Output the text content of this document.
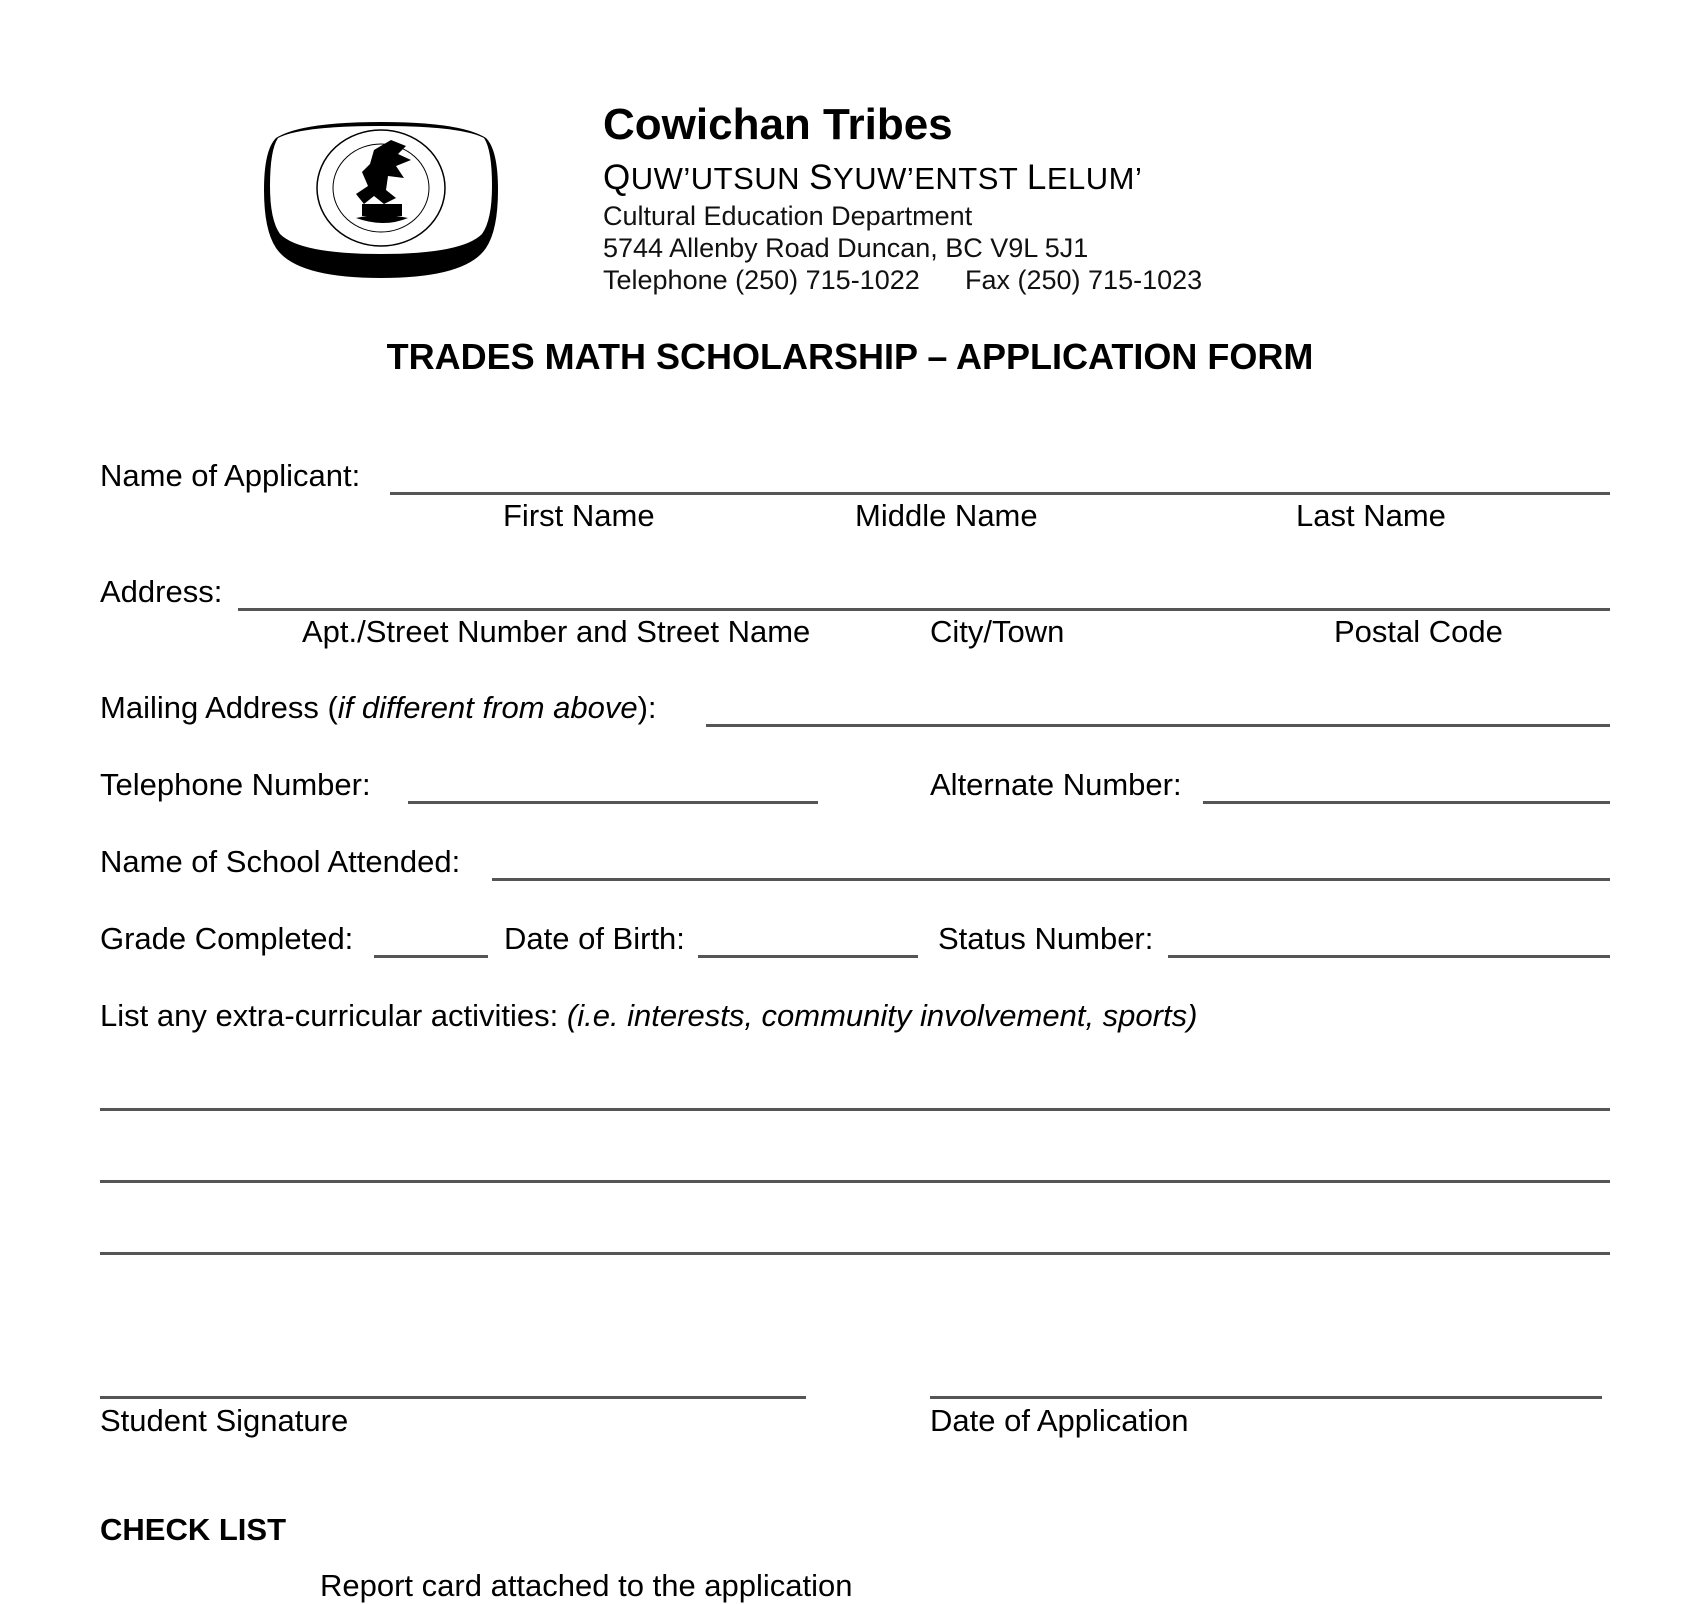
Cowichan Tribes
QUW’UTSUN SYUW’ENTST LELUM’
Cultural Education Department
5744 Allenby Road Duncan, BC V9L 5J1
Telephone (250) 715-1022 Fax (250) 715-1023
TRADES MATH SCHOLARSHIP – APPLICATION FORM
Name of Applicant:
First Name	Middle Name	Last Name
Address:
Apt./Street Number and Street Name	City/Town	Postal Code
Mailing Address (if different from above):
Telephone Number:	Alternate Number:
Name of School Attended:
Grade Completed:	Date of Birth:	Status Number:
List any extra-curricular activities: (i.e. interests, community involvement, sports)
Student Signature	Date of Application
CHECK LIST
Report card attached to the application
